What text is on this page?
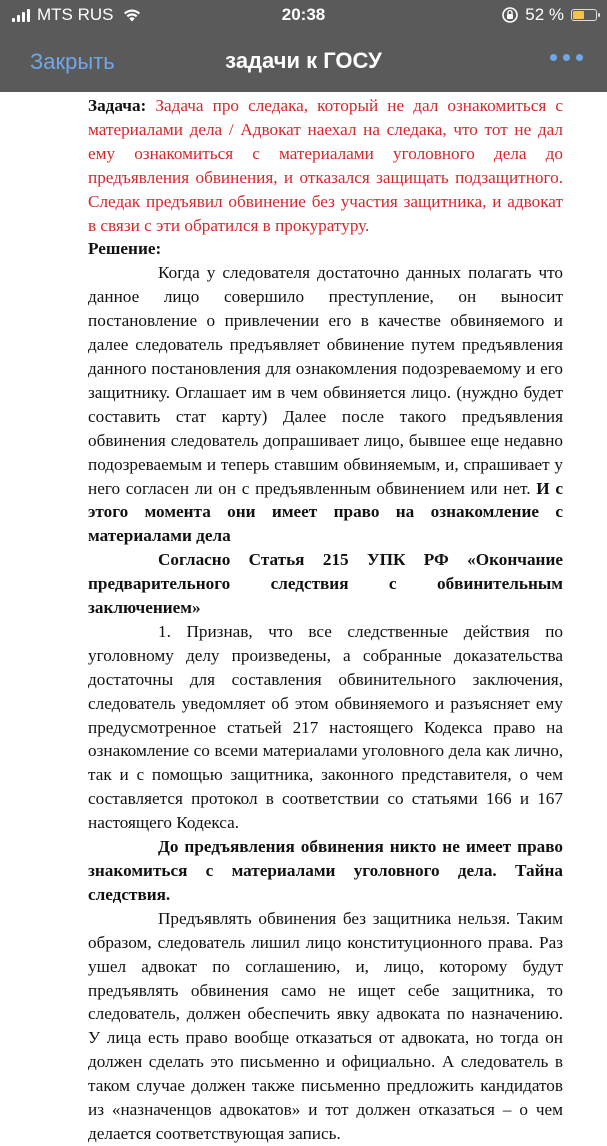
MTS RUS	20:38	52 %
Закрыть	задачи к ГОСУ

Задача: Задача про следака, который не дал ознакомиться с материалами дела / Адвокат наехал на следака, что тот не дал ему ознакомиться с материалами уголовного дела до предъявления обвинения, и отказался защищать подзащитного. Следак предъявил обвинение без участия защитника, и адвокат в связи с эти обратился в прокуратуру.

Решение:

Когда у следователя достаточно данных полагать что данное лицо совершило преступление, он выносит постановление о привлечении его в качестве обвиняемого и далее следователь предъявляет обвинение путем предъявления данного постановления для ознакомления подозреваемому и его защитнику. Оглашает им в чем обвиняется лицо. (нуждно будет составить стат карту) Далее после такого предъявления обвинения следователь допрашивает лицо, бывшее еще недавно подозреваемым и теперь ставшим обвиняемым, и, спрашивает у него согласен ли он с предъявленным обвинением или нет. И с этого момента они имеет право на ознакомление с материалами дела

Согласно Статья 215 УПК РФ «Окончание предварительного следствия с обвинительным заключением»

1. Признав, что все следственные действия по уголовному делу произведены, а собранные доказательства достаточны для составления обвинительного заключения, следователь уведомляет об этом обвиняемого и разъясняет ему предусмотренное статьей 217 настоящего Кодекса право на ознакомление со всеми материалами уголовного дела как лично, так и с помощью защитника, законного представителя, о чем составляется протокол в соответствии со статьями 166 и 167 настоящего Кодекса.

До предъявления обвинения никто не имеет право знакомиться с материалами уголовного дела. Тайна следствия.

Предъявлять обвинения без защитника нельзя. Таким образом, следователь лишил лицо конституционного права. Раз ушел адвокат по соглашению, и, лицо, которому будут предъявлять обвинения само не ищет себе защитника, то следователь, должен обеспечить явку адвоката по назначению. У лица есть право вообще отказаться от адвоката, но тогда он должен сделать это письменно и официально. А следователь в таком случае должен также письменно предложить кандидатов из «назначенцов адвокатов» и тот должен отказаться – о чем делается соответствующая запись.
